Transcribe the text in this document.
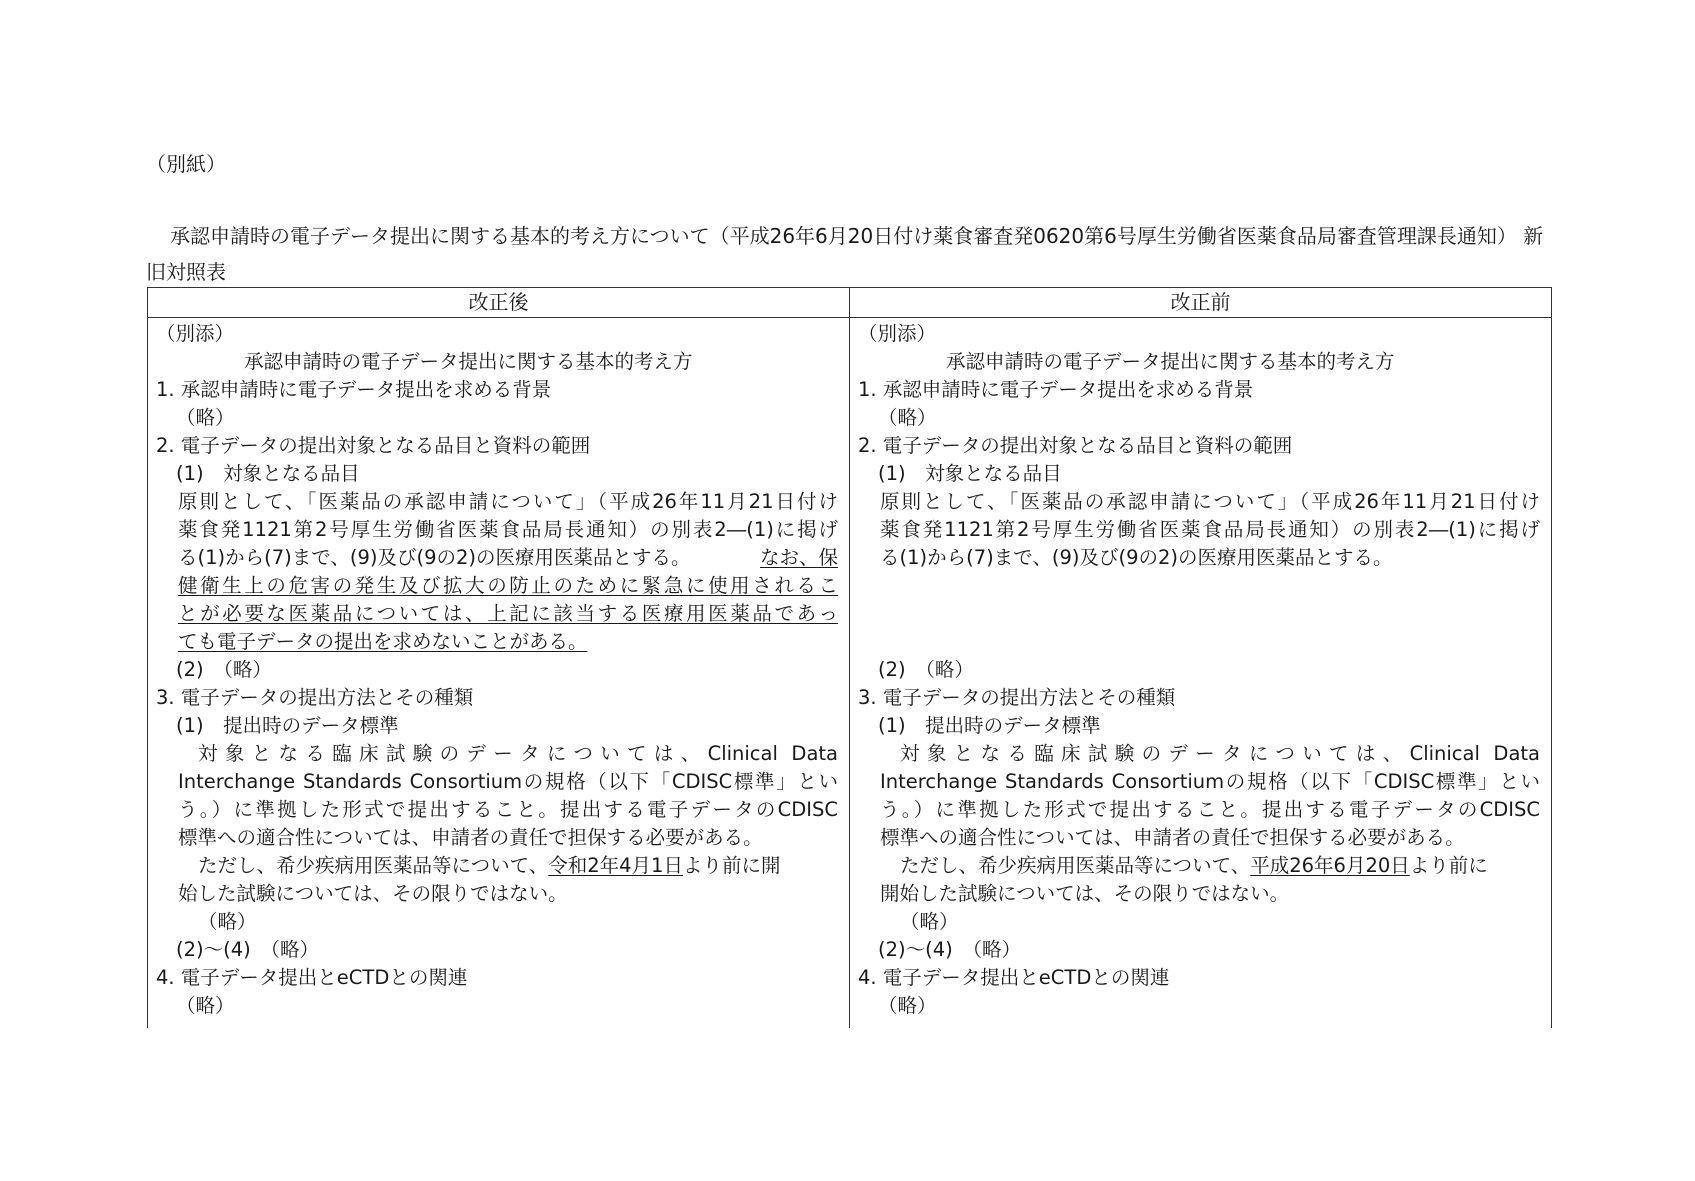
（別紙）
承認申請時の電子データ提出に関する基本的考え方について（平成26年6月20日付け薬食審査発0620第6号厚生労働省医薬食品局審査管理課長通知） 新旧対照表
改正後	改正前
（別添）
承認申請時の電子データ提出に関する基本的考え方
1. 承認申請時に電子データ提出を求める背景
（略）
2. 電子データの提出対象となる品目と資料の範囲
(1)　対象となる品目
原則として、「医薬品の承認申請について」（平成26年11月21日付け
薬食発1121第2号厚生労働省医薬食品局長通知）の別表2―(1)に掲げ
る(1)から(7)まで、(9)及び(9の2)の医療用医薬品とする。	なお、保
健衛生上の危害の発生及び拡大の防止のために緊急に使用されるこ
とが必要な医薬品については、上記に該当する医療用医薬品であっ
ても電子データの提出を求めないことがある。
(2)　（略）
3. 電子データの提出方法とその種類
(1)　提出時のデータ標準
対象となる臨床試験のデータについては、Clinical Data
Interchange Standards Consortiumの規格（以下「CDISC標準」とい
う。）に準拠した形式で提出すること。提出する電子データのCDISC
標準への適合性については、申請者の責任で担保する必要がある。
ただし、希少疾病用医薬品等について、令和2年4月1日より前に開
始した試験については、その限りではない。
（略）
(2)～(4)　（略）
4. 電子データ提出とeCTDとの関連
（略）
（別添）
承認申請時の電子データ提出に関する基本的考え方
1. 承認申請時に電子データ提出を求める背景
（略）
2. 電子データの提出対象となる品目と資料の範囲
(1)　対象となる品目
原則として、「医薬品の承認申請について」（平成26年11月21日付け
薬食発1121第2号厚生労働省医薬食品局長通知）の別表2―(1)に掲げ
る(1)から(7)まで、(9)及び(9の2)の医療用医薬品とする。
(2)　（略）
3. 電子データの提出方法とその種類
(1)　提出時のデータ標準
対象となる臨床試験のデータについては、Clinical Data
Interchange Standards Consortiumの規格（以下「CDISC標準」とい
う。）に準拠した形式で提出すること。提出する電子データのCDISC
標準への適合性については、申請者の責任で担保する必要がある。
ただし、希少疾病用医薬品等について、平成26年6月20日より前に
開始した試験については、その限りではない。
（略）
(2)～(4)　（略）
4. 電子データ提出とeCTDとの関連
（略）
